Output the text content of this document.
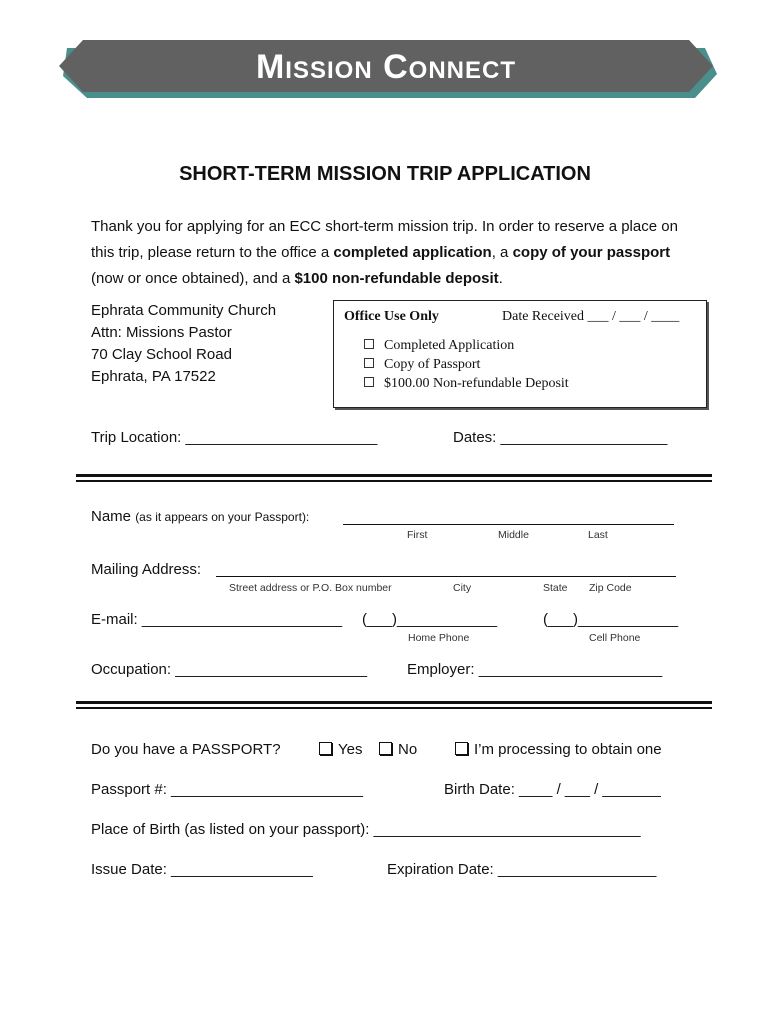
Mission Connect
SHORT-TERM MISSION TRIP APPLICATION
Thank you for applying for an ECC short-term mission trip. In order to reserve a place on this trip, please return to the office a completed application, a copy of your passport (now or once obtained), and a $100 non-refundable deposit.
Ephrata Community Church
Attn: Missions Pastor
70 Clay School Road
Ephrata, PA 17522
Office Use Only	Date Received ___ / ___ / ____
Completed Application
Copy of Passport
$100.00 Non-refundable Deposit
Trip Location: _______________________	Dates: ____________________
Name (as it appears on your Passport):
First	Middle	Last
Mailing Address:
Street address or P.O. Box number	City	State Zip Code
E-mail: ________________________ (___)____________	(___)____________
Home Phone	Cell Phone
Occupation: _______________________	Employer: ______________________
Do you have a PASSPORT?	Yes	No	I’m processing to obtain one
Passport #: _______________________	Birth Date: ____ / ___ / _______
Place of Birth (as listed on your passport): ________________________________
Issue Date: _________________	Expiration Date: ___________________
